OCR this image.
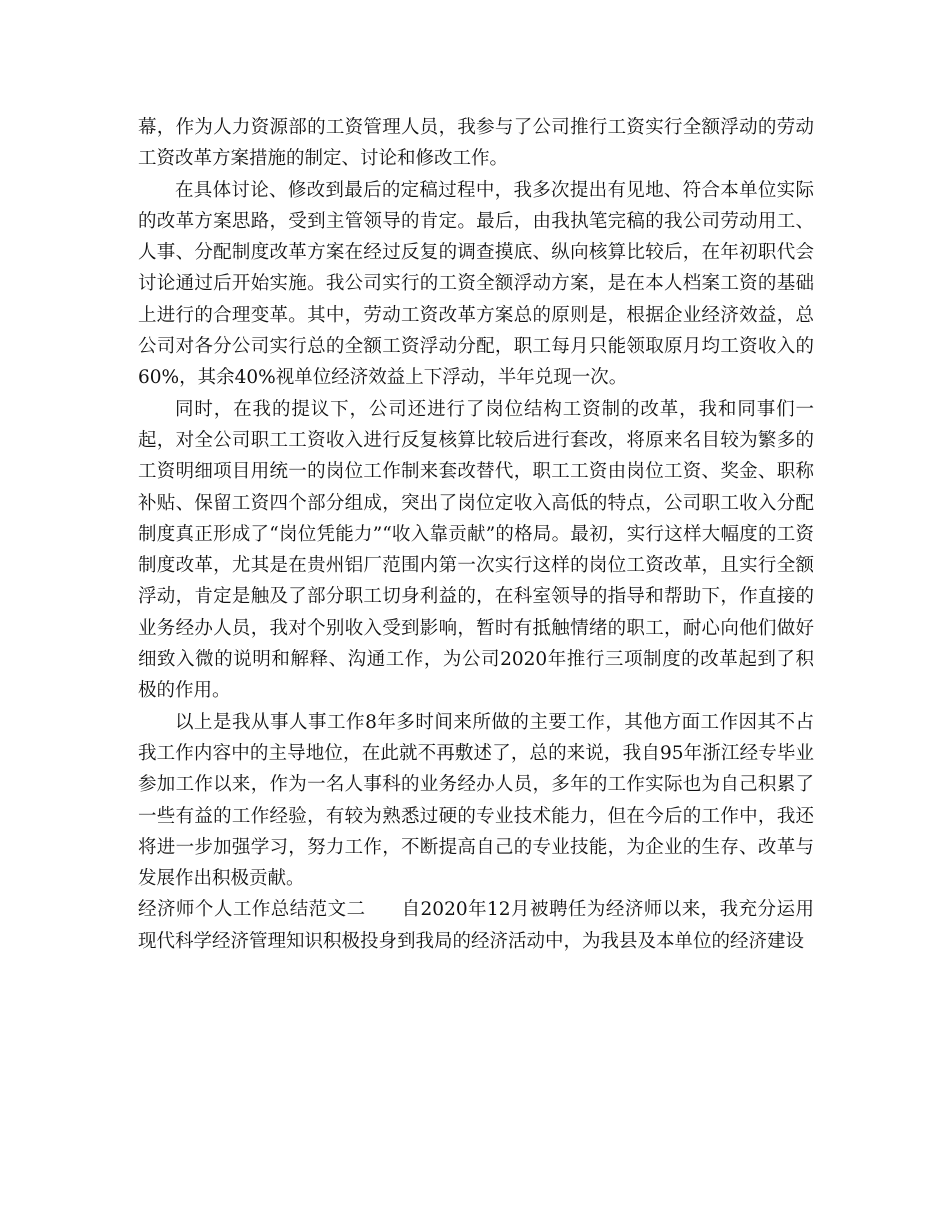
幕，作为人力资源部的工资管理人员，我参与了公司推行工资实行全额浮动的劳动工资改革方案措施的制定、讨论和修改工作。

在具体讨论、修改到最后的定稿过程中，我多次提出有见地、符合本单位实际的改革方案思路，受到主管领导的肯定。最后，由我执笔完稿的我公司劳动用工、人事、分配制度改革方案在经过反复的调查摸底、纵向核算比较后，在年初职代会讨论通过后开始实施。我公司实行的工资全额浮动方案，是在本人档案工资的基础上进行的合理变革。其中，劳动工资改革方案总的原则是，根据企业经济效益，总公司对各分公司实行总的全额工资浮动分配，职工每月只能领取原月均工资收入的60%，其余40%视单位经济效益上下浮动，半年兑现一次。

同时，在我的提议下，公司还进行了岗位结构工资制的改革，我和同事们一起，对全公司职工工资收入进行反复核算比较后进行套改，将原来名目较为繁多的工资明细项目用统一的岗位工作制来套改替代，职工工资由岗位工资、奖金、职称补贴、保留工资四个部分组成，突出了岗位定收入高低的特点，公司职工收入分配制度真正形成了“岗位凭能力”“收入靠贡献”的格局。最初，实行这样大幅度的工资制度改革，尤其是在贵州铝厂范围内第一次实行这样的岗位工资改革，且实行全额浮动，肯定是触及了部分职工切身利益的，在科室领导的指导和帮助下，作直接的业务经办人员，我对个别收入受到影响，暂时有抵触情绪的职工，耐心向他们做好细致入微的说明和解释、沟通工作，为公司2020年推行三项制度的改革起到了积极的作用。

以上是我从事人事工作8年多时间来所做的主要工作，其他方面工作因其不占我工作内容中的主导地位，在此就不再敷述了，总的来说，我自95年浙江经专毕业参加工作以来，作为一名人事科的业务经办人员，多年的工作实际也为自己积累了一些有益的工作经验，有较为熟悉过硬的专业技术能力，但在今后的工作中，我还将进一步加强学习，努力工作，不断提高自己的专业技能，为企业的生存、改革与发展作出积极贡献。

经济师个人工作总结范文二 自2020年12月被聘任为经济师以来，我充分运用现代科学经济管理知识积极投身到我局的经济活动中，为我县及本单位的经济建设
